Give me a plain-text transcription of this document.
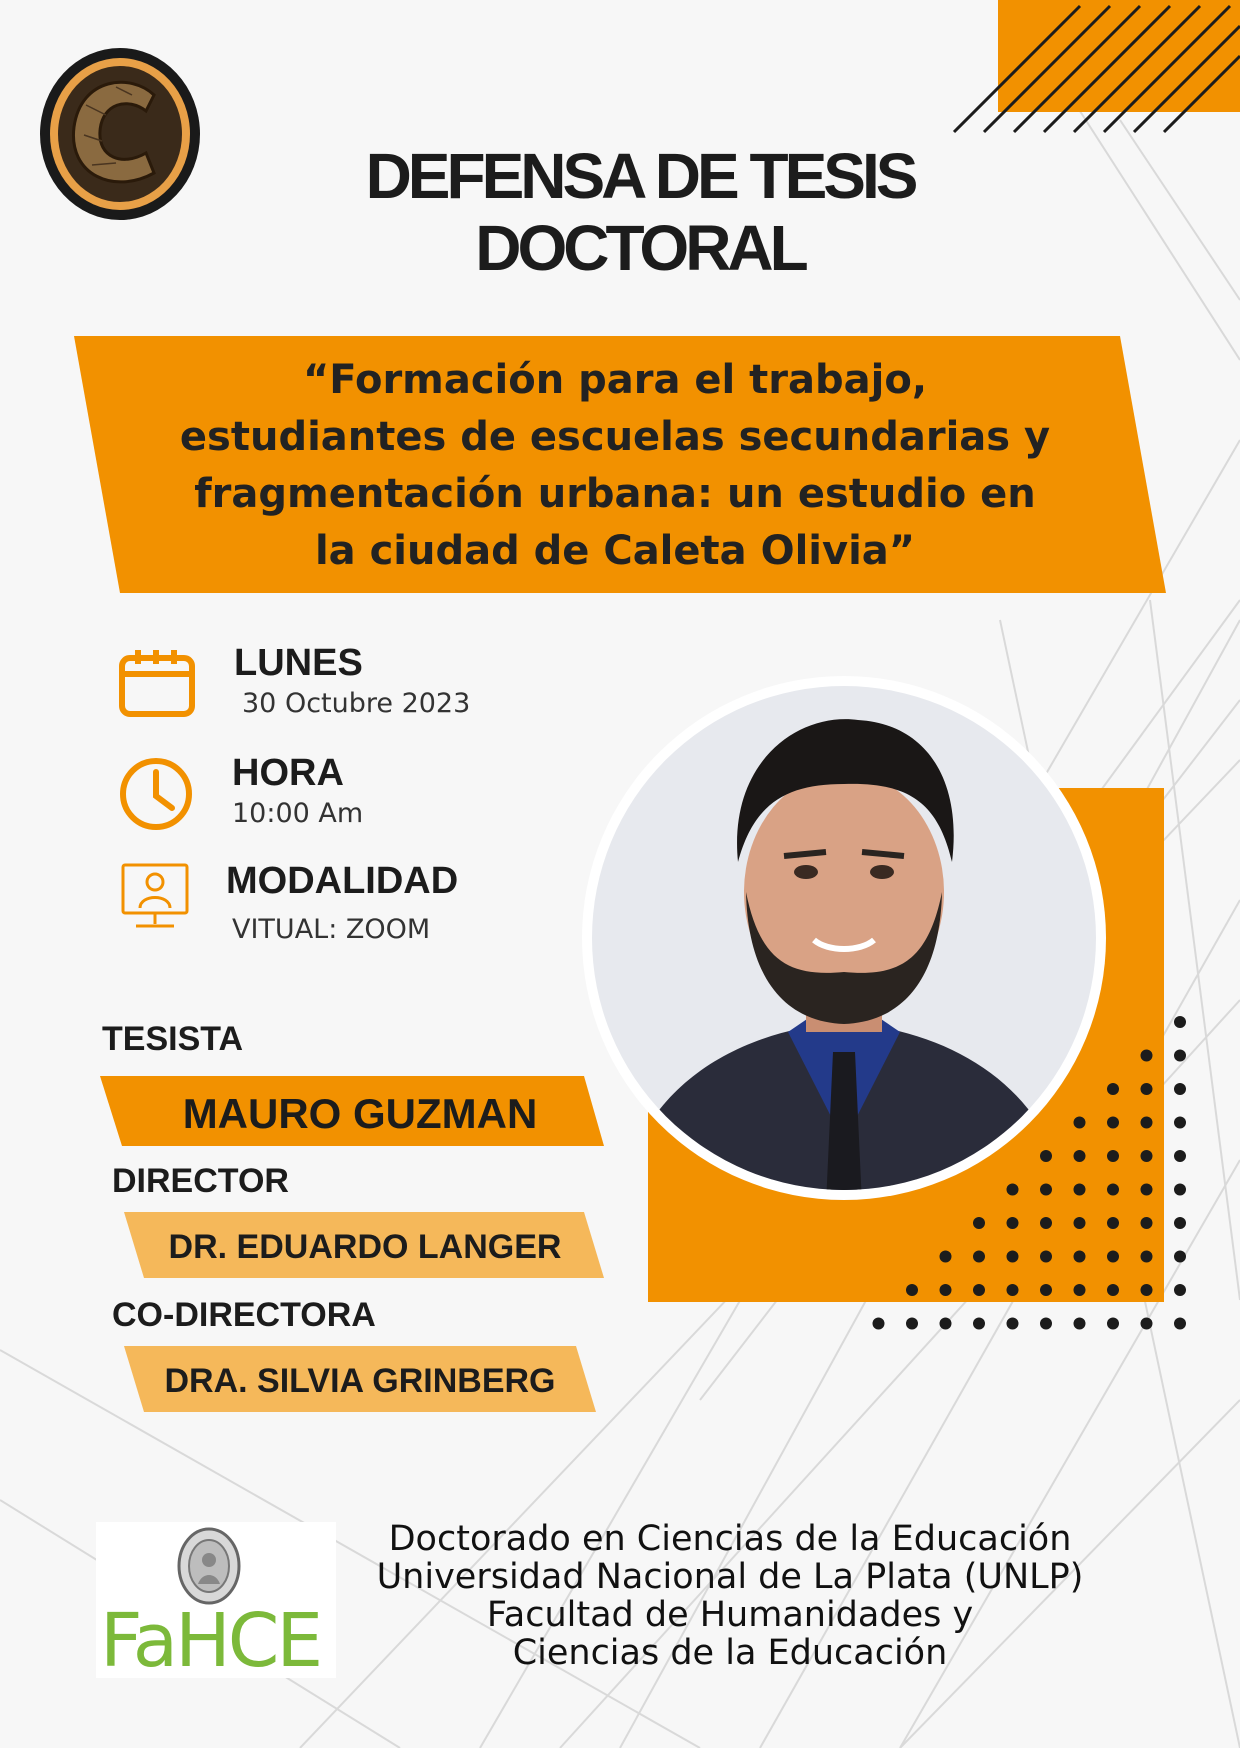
DEFENSA DE TESIS
DOCTORAL
“Formación para el trabajo,
estudiantes de escuelas secundarias y
fragmentación urbana: un estudio en
la ciudad de Caleta Olivia”
LUNES
30 Octubre 2023
HORA
10:00 Am
MODALIDAD
VITUAL: ZOOM
TESISTA
MAURO GUZMAN
DIRECTOR
DR. EDUARDO LANGER
CO-DIRECTORA
DRA. SILVIA GRINBERG
FaHCE
Doctorado en Ciencias de la Educación
Universidad Nacional de La Plata (UNLP)
Facultad de Humanidades y
Ciencias de la Educación
